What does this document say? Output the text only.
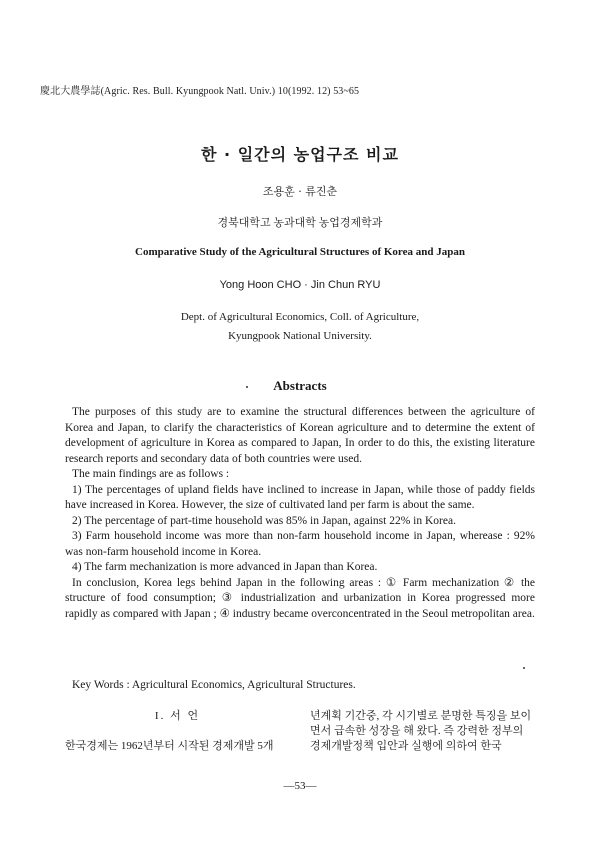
慶北大農學誌(Agric. Res. Bull. Kyungpook Natl. Univ.) 10(1992. 12) 53~65
한 · 일간의 농업구조 비교
조용훈 · 류진춘
경북대학고 농과대학 농업경제학과
Comparative Study of the Agricultural Structures of Korea and Japan
Yong Hoon CHO · Jin Chun RYU
Dept. of Agricultural Economics, Coll. of Agriculture,
Kyungpook National University.
Abstracts

The purposes of this study are to examine the structural differences between the agriculture of Korea and Japan, to clarify the characteristics of Korean agriculture and to determine the extent of development of agriculture in Korea as compared to Japan, In order to do this, the existing literature research reports and secondary data of both countries were used.

The main findings are as follows :

1) The percentages of upland fields have inclined to increase in Japan, while those of paddy fields have increased in Korea. However, the size of cultivated land per farm is about the same.

2) The percentage of part-time household was 85% in Japan, against 22% in Korea.

3) Farm household income was more than non-farm household income in Japan, wherease : 92% was non-farm household income in Korea.

4) The farm mechanization is more advanced in Japan than Korea.

In conclusion, Korea legs behind Japan in the following areas : ① Farm mechanization ② the structure of food consumption; ③ industrialization and urbanization in Korea progressed more rapidly as compared with Japan ; ④ industry became overconcentrated in the Seoul metropolitan area.

Key Words : Agricultural Economics, Agricultural Structures.
I. 서 언

한국경제는 1962년부터 시작된 경제개발 5개

년계획 기간중, 각 시기별로 분명한 특징을 보이면서 급속한 성장을 해 왔다. 즉 강력한 정부의 경제개발정책 입안과 실행에 의하여 한국

—53—
